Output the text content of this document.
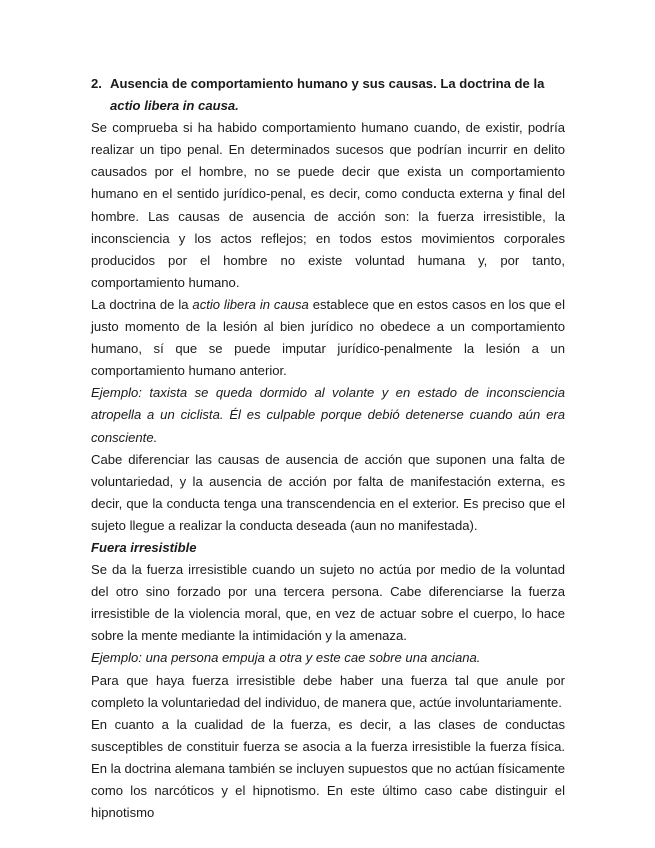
2. Ausencia de comportamiento humano y sus causas. La doctrina de la
actio libera in causa.

Se comprueba si ha habido comportamiento humano cuando, de existir, podría realizar un tipo penal. En determinados sucesos que podrían incurrir en delito causados por el hombre, no se puede decir que exista un comportamiento humano en el sentido jurídico-penal, es decir, como conducta externa y final del hombre. Las causas de ausencia de acción son: la fuerza irresistible, la inconsciencia y los actos reflejos; en todos estos movimientos corporales producidos por el hombre no existe voluntad humana y, por tanto, comportamiento humano.

La doctrina de la actio libera in causa establece que en estos casos en los que el justo momento de la lesión al bien jurídico no obedece a un comportamiento humano, sí que se puede imputar jurídico-penalmente la lesión a un comportamiento humano anterior.

Ejemplo: taxista se queda dormido al volante y en estado de inconsciencia atropella a un ciclista. Él es culpable porque debió detenerse cuando aún era consciente.

Cabe diferenciar las causas de ausencia de acción que suponen una falta de voluntariedad, y la ausencia de acción por falta de manifestación externa, es decir, que la conducta tenga una transcendencia en el exterior. Es preciso que el sujeto llegue a realizar la conducta deseada (aun no manifestada).

Fuera irresistible

Se da la fuerza irresistible cuando un sujeto no actúa por medio de la voluntad del otro sino forzado por una tercera persona. Cabe diferenciarse la fuerza irresistible de la violencia moral, que, en vez de actuar sobre el cuerpo, lo hace sobre la mente mediante la intimidación y la amenaza.

Ejemplo: una persona empuja a otra y este cae sobre una anciana.

Para que haya fuerza irresistible debe haber una fuerza tal que anule por completo la voluntariedad del individuo, de manera que, actúe involuntariamente.

En cuanto a la cualidad de la fuerza, es decir, a las clases de conductas susceptibles de constituir fuerza se asocia a la fuerza irresistible la fuerza física. En la doctrina alemana también se incluyen supuestos que no actúan físicamente como los narcóticos y el hipnotismo. En este último caso cabe distinguir el hipnotismo
